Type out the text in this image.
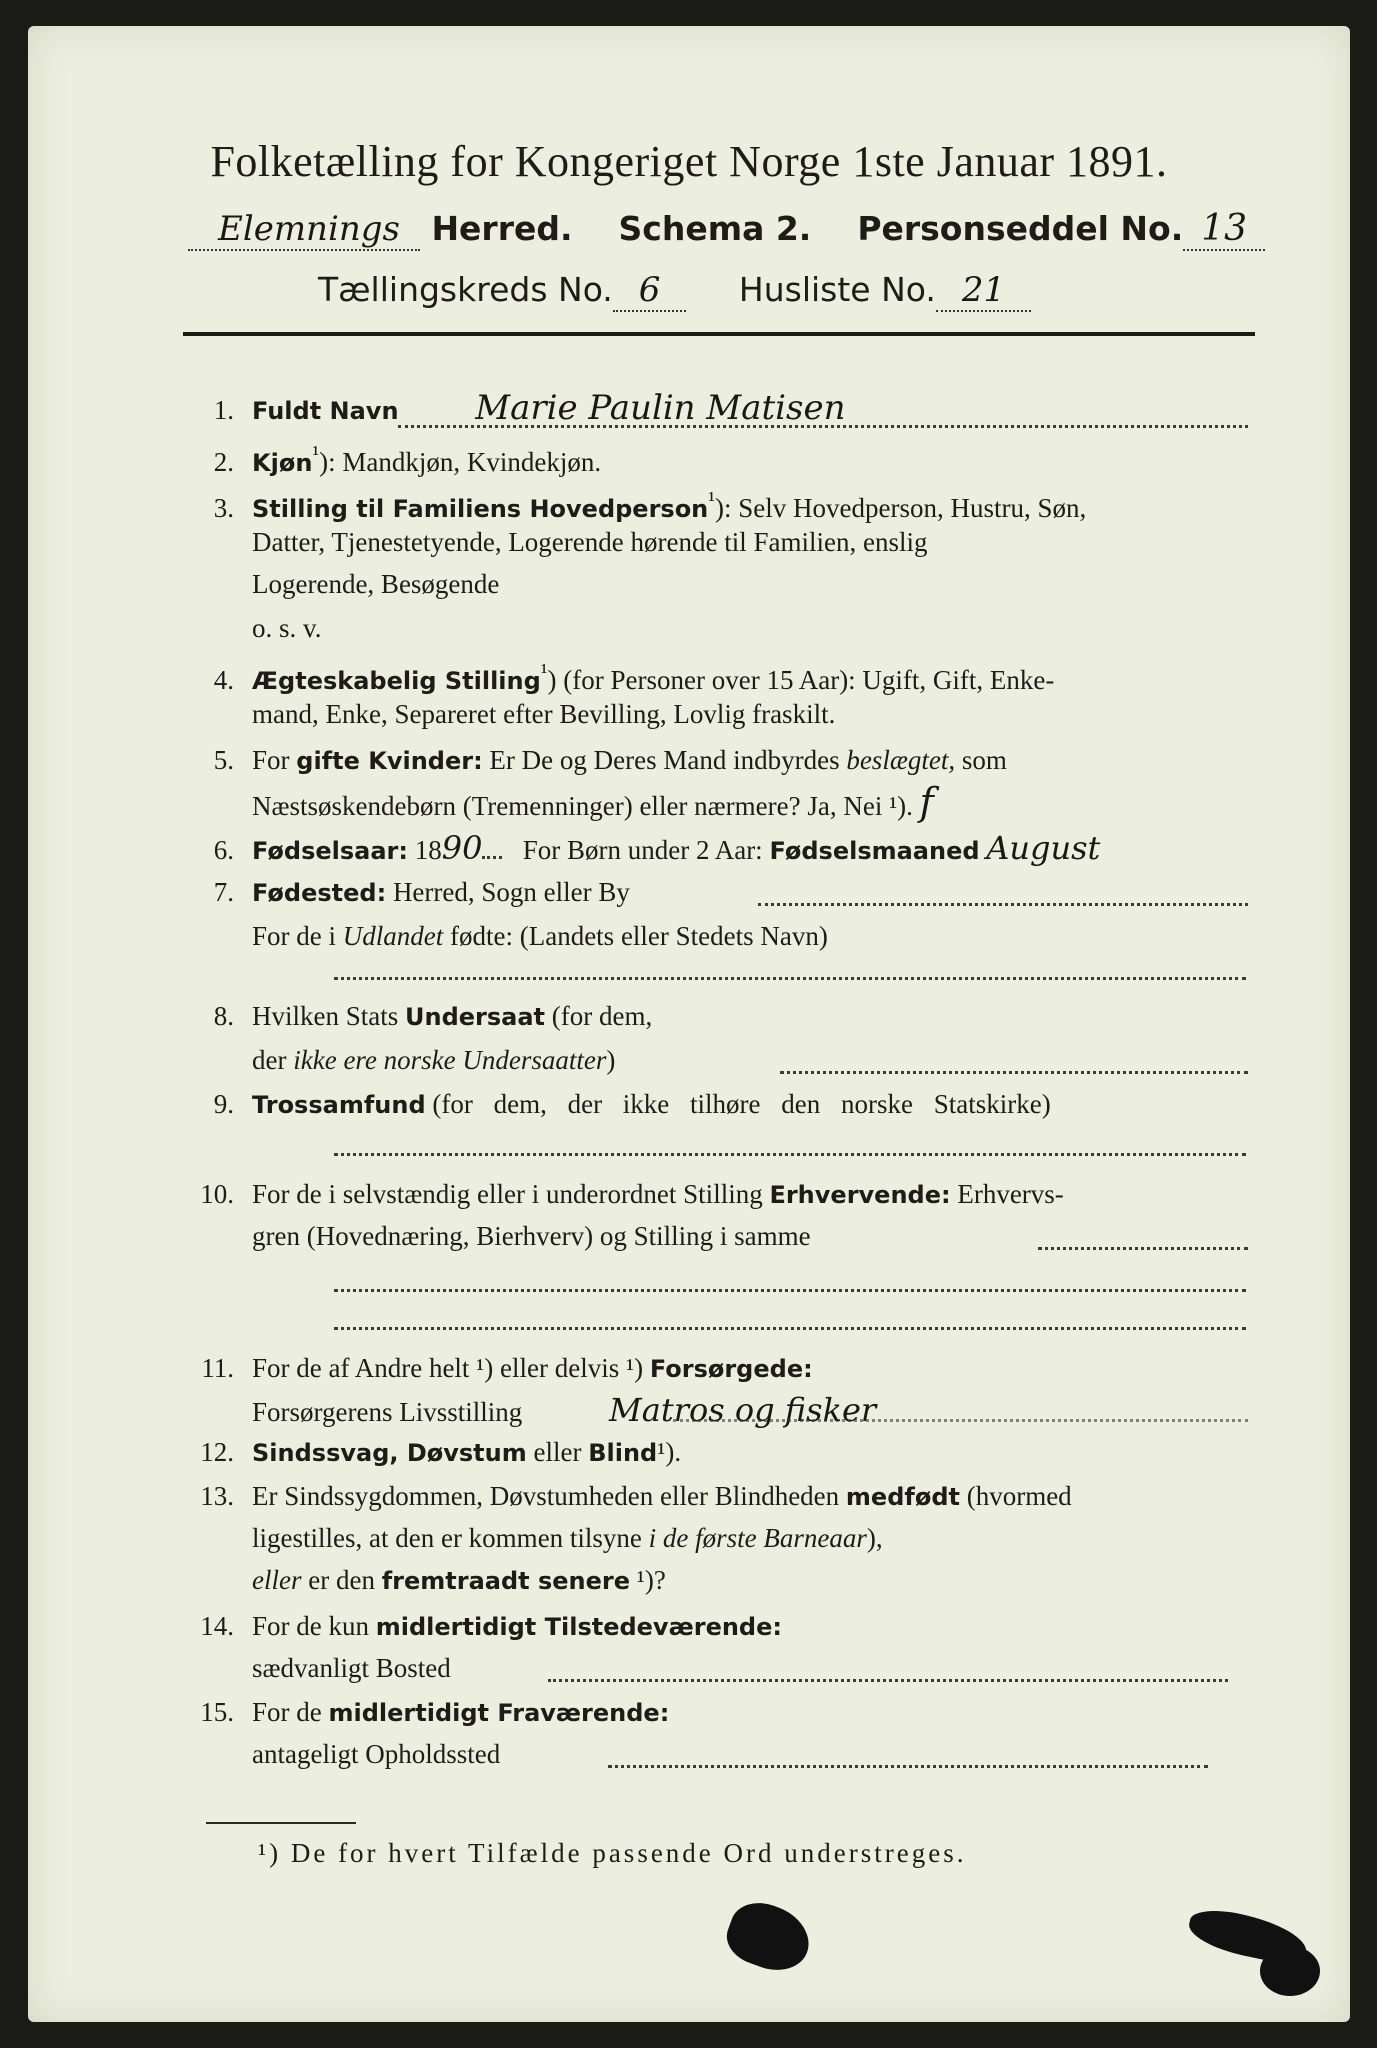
Folketælling for Kongeriget Norge 1ste Januar 1891.
Elemnings Herred. Schema 2. Personseddel No. 13
Tællingskreds No. 6 Husliste No. 21
1. Fuldt Navn Marie Paulin Matisen
2. Kjøn$^{^1}$): Mandkjøn, Kvindekjøn.
3. Stilling til Familiens Hovedperson$^{^1}$): Selv Hovedperson, Hustru, Søn,
Datter, Tjenestetyende, Logerende hørende til Familien, enslig
Logerende, Besøgende
o. s. v.
4. Ægteskabelig Stilling$^{^1}$) (for Personer over 15 Aar): Ugift, Gift, Enke-
mand, Enke, Separeret efter Bevilling, Lovlig fraskilt.
5. For gifte Kvinder: Er De og Deres Mand indbyrdes beslægtet, som
Næstsøskendebørn (Tremenninger) eller nærmere? Ja, Nei ¹). f
6. Fødselsaar: 1890 For Børn under 2 Aar: Fødselsmaaned August
7. Fødested: Herred, Sogn eller By
For de i Udlandet fødte: (Landets eller Stedets Navn)
8. Hvilken Stats Undersaat (for dem,
der ikke ere norske Undersaatter)
9. Trossamfund (for dem, der ikke tilhøre den norske Statskirke)
10. For de i selvstændig eller i underordnet Stilling Erhvervende: Erhvervs-
gren (Hovednæring, Bierhverv) og Stilling i samme
11. For de af Andre helt ¹) eller delvis ¹) Forsørgede:
Forsørgerens Livsstilling	Matros og fisker
12. Sindssvag, Døvstum eller Blind¹).
13. Er Sindssygdommen, Døvstumheden eller Blindheden medfødt (hvormed
ligestilles, at den er kommen tilsyne i de første Barneaar),
eller er den fremtraadt senere ¹)?
14. For de kun midlertidigt Tilstedeværende:
sædvanligt Bosted
15. For de midlertidigt Fraværende:
antageligt Opholdssted
¹) De for hvert Tilfælde passende Ord understreges.
